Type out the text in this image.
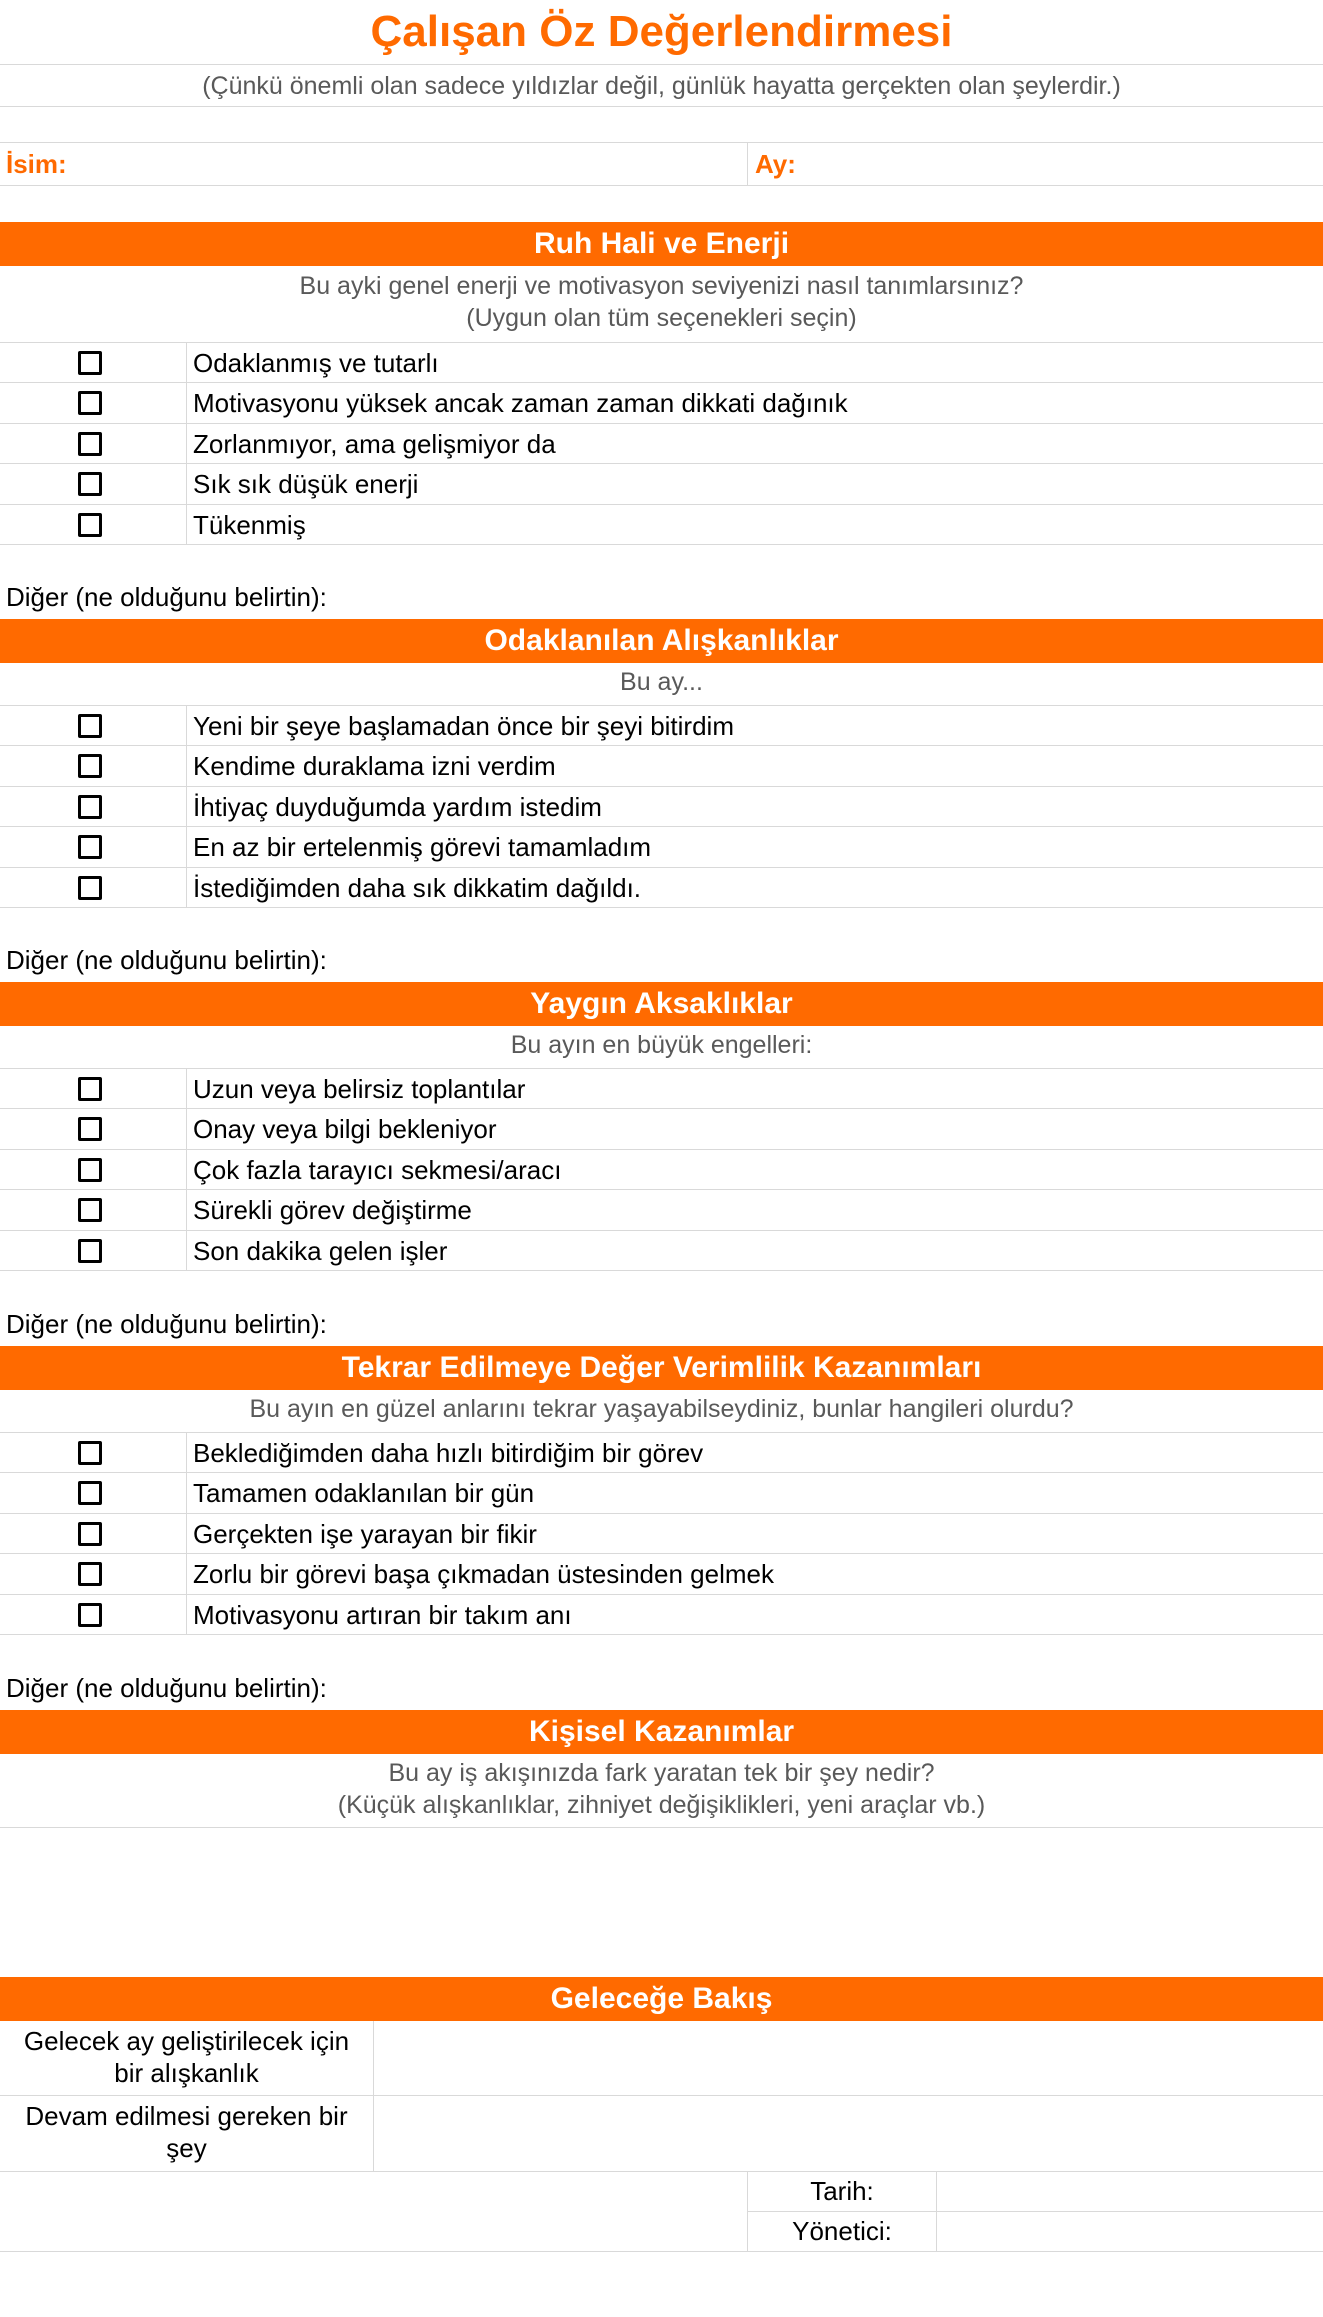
Çalışan Öz Değerlendirmesi
(Çünkü önemli olan sadece yıldızlar değil, günlük hayatta gerçekten olan şeylerdir.)
İsim:	Ay:
Ruh Hali ve Enerji
Bu ayki genel enerji ve motivasyon seviyenizi nasıl tanımlarsınız?
(Uygun olan tüm seçenekleri seçin)
Odaklanmış ve tutarlı
Motivasyonu yüksek ancak zaman zaman dikkati dağınık
Zorlanmıyor, ama gelişmiyor da
Sık sık düşük enerji
Tükenmiş
Diğer (ne olduğunu belirtin):
Odaklanılan Alışkanlıklar
Bu ay...
Yeni bir şeye başlamadan önce bir şeyi bitirdim
Kendime duraklama izni verdim
İhtiyaç duyduğumda yardım istedim
En az bir ertelenmiş görevi tamamladım
İstediğimden daha sık dikkatim dağıldı.
Diğer (ne olduğunu belirtin):
Yaygın Aksaklıklar
Bu ayın en büyük engelleri:
Uzun veya belirsiz toplantılar
Onay veya bilgi bekleniyor
Çok fazla tarayıcı sekmesi/aracı
Sürekli görev değiştirme
Son dakika gelen işler
Diğer (ne olduğunu belirtin):
Tekrar Edilmeye Değer Verimlilik Kazanımları
Bu ayın en güzel anlarını tekrar yaşayabilseydiniz, bunlar hangileri olurdu?
Beklediğimden daha hızlı bitirdiğim bir görev
Tamamen odaklanılan bir gün
Gerçekten işe yarayan bir fikir
Zorlu bir görevi başa çıkmadan üstesinden gelmek
Motivasyonu artıran bir takım anı
Diğer (ne olduğunu belirtin):
Kişisel Kazanımlar
Bu ay iş akışınızda fark yaratan tek bir şey nedir?
(Küçük alışkanlıklar, zihniyet değişiklikleri, yeni araçlar vb.)
Geleceğe Bakış
Gelecek ay geliştirilecek için
bir alışkanlık
Devam edilmesi gereken bir
şey
Tarih:
Yönetici:
